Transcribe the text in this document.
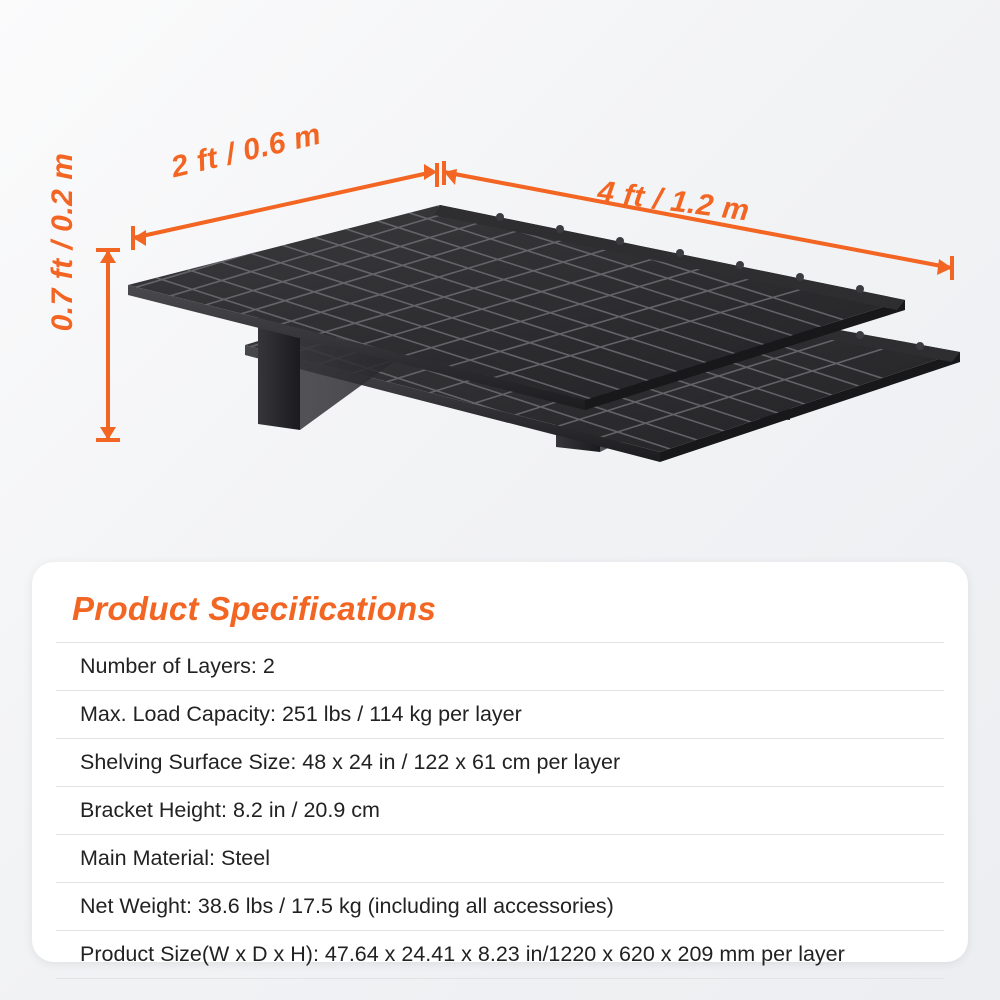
2 ft / 0.6 m
4 ft / 1.2 m
0.7 ft / 0.2 m
Product Specifications
Number of Layers: 2
Max. Load Capacity: 251 lbs / 114 kg per layer
Shelving Surface Size: 48 x 24 in / 122 x 61 cm per layer
Bracket Height: 8.2 in / 20.9 cm
Main Material: Steel
Net Weight: 38.6 lbs / 17.5 kg (including all accessories)
Product Size(W x D x H): 47.64 x 24.41 x 8.23 in/1220 x 620 x 209 mm per layer
